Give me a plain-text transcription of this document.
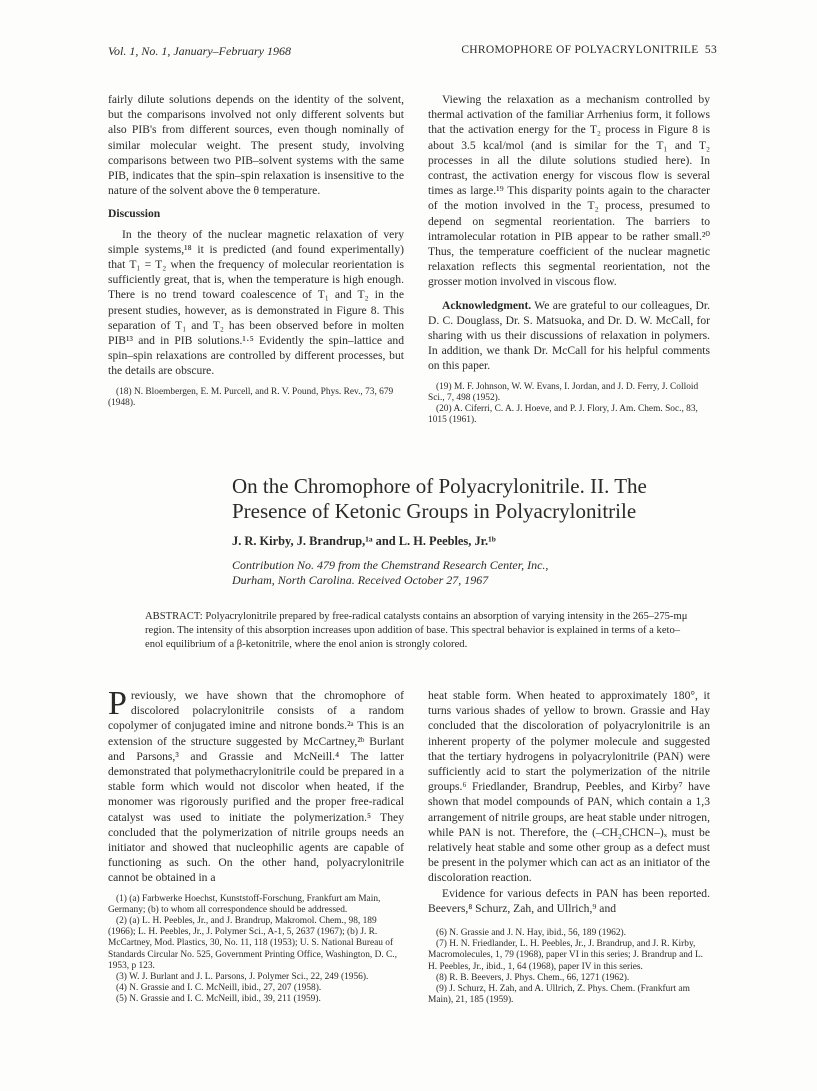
Vol. 1, No. 1, January–February 1968	CHROMOPHORE OF POLYACRYLONITRILE 53

fairly dilute solutions depends on the identity of the solvent, but the comparisons involved not only different solvents but also PIB's from different sources, even though nominally of similar molecular weight. The present study, involving comparisons between two PIB–solvent systems with the same PIB, indicates that the spin–spin relaxation is insensitive to the nature of the solvent above the θ temperature.

Discussion

In the theory of the nuclear magnetic relaxation of very simple systems,¹⁸ it is predicted (and found experimentally) that T₁ = T₂ when the frequency of molecular reorientation is sufficiently great, that is, when the temperature is high enough. There is no trend toward coalescence of T₁ and T₂ in the present studies, however, as is demonstrated in Figure 8. This separation of T₁ and T₂ has been observed before in molten PIB¹³ and in PIB solutions.¹·⁵ Evidently the spin–lattice and spin–spin relaxations are controlled by different processes, but the details are obscure.

(18) N. Bloembergen, E. M. Purcell, and R. V. Pound, Phys. Rev., 73, 679 (1948).

Viewing the relaxation as a mechanism controlled by thermal activation of the familiar Arrhenius form, it follows that the activation energy for the T₂ process in Figure 8 is about 3.5 kcal/mol (and is similar for the T₁ and T₂ processes in all the dilute solutions studied here). In contrast, the activation energy for viscous flow is several times as large.¹⁹ This disparity points again to the character of the motion involved in the T₂ process, presumed to depend on segmental reorientation. The barriers to intramolecular rotation in PIB appear to be rather small.²⁰ Thus, the temperature coefficient of the nuclear magnetic relaxation reflects this segmental reorientation, not the grosser motion involved in viscous flow.

Acknowledgment. We are grateful to our colleagues, Dr. D. C. Douglass, Dr. S. Matsuoka, and Dr. D. W. McCall, for sharing with us their discussions of relaxation in polymers. In addition, we thank Dr. McCall for his helpful comments on this paper.

(19) M. F. Johnson, W. W. Evans, I. Jordan, and J. D. Ferry, J. Colloid Sci., 7, 498 (1952).

(20) A. Ciferri, C. A. J. Hoeve, and P. J. Flory, J. Am. Chem. Soc., 83, 1015 (1961).

On the Chromophore of Polyacrylonitrile. II. The
Presence of Ketonic Groups in Polyacrylonitrile
J. R. Kirby, J. Brandrup,¹ᵃ and L. H. Peebles, Jr.¹ᵇ
Contribution No. 479 from the Chemstrand Research Center, Inc.,
Durham, North Carolina. Received October 27, 1967
ABSTRACT: Polyacrylonitrile prepared by free-radical catalysts contains an absorption of varying intensity in the 265–275-mμ region. The intensity of this absorption increases upon addition of base. This spectral behavior is explained in terms of a keto–enol equilibrium of a β-ketonitrile, where the enol anion is strongly colored.

Previously, we have shown that the chromophore of discolored polacrylonitrile consists of a random copolymer of conjugated imine and nitrone bonds.²ᵃ This is an extension of the structure suggested by McCartney,²ᵇ Burlant and Parsons,³ and Grassie and McNeill.⁴ The latter demonstrated that polymethacrylonitrile could be prepared in a stable form which would not discolor when heated, if the monomer was rigorously purified and the proper free-radical catalyst was used to initiate the polymerization.⁵ They concluded that the polymerization of nitrile groups needs an initiator and showed that nucleophilic agents are capable of functioning as such. On the other hand, polyacrylonitrile cannot be obtained in a

(1) (a) Farbwerke Hoechst, Kunststoff-Forschung, Frankfurt am Main, Germany; (b) to whom all correspondence should be addressed.

(2) (a) L. H. Peebles, Jr., and J. Brandrup, Makromol. Chem., 98, 189 (1966); L. H. Peebles, Jr., J. Polymer Sci., A-1, 5, 2637 (1967); (b) J. R. McCartney, Mod. Plastics, 30, No. 11, 118 (1953); U. S. National Bureau of Standards Circular No. 525, Government Printing Office, Washington, D. C., 1953, p 123.

(3) W. J. Burlant and J. L. Parsons, J. Polymer Sci., 22, 249 (1956).

(4) N. Grassie and I. C. McNeill, ibid., 27, 207 (1958).

(5) N. Grassie and I. C. McNeill, ibid., 39, 211 (1959).

heat stable form. When heated to approximately 180°, it turns various shades of yellow to brown. Grassie and Hay concluded that the discoloration of polyacrylonitrile is an inherent property of the polymer molecule and suggested that the tertiary hydrogens in polyacrylonitrile (PAN) were sufficiently acid to start the polymerization of the nitrile groups.⁶ Friedlander, Brandrup, Peebles, and Kirby⁷ have shown that model compounds of PAN, which contain a 1,3 arrangement of nitrile groups, are heat stable under nitrogen, while PAN is not. Therefore, the (–CH₂CHCN–)ₓ must be relatively heat stable and some other group as a defect must be present in the polymer which can act as an initiator of the discoloration reaction.

Evidence for various defects in PAN has been reported. Beevers,⁸ Schurz, Zah, and Ullrich,⁹ and

(6) N. Grassie and J. N. Hay, ibid., 56, 189 (1962).

(7) H. N. Friedlander, L. H. Peebles, Jr., J. Brandrup, and J. R. Kirby, Macromolecules, 1, 79 (1968), paper VI in this series; J. Brandrup and L. H. Peebles, Jr., ibid., 1, 64 (1968), paper IV in this series.

(8) R. B. Beevers, J. Phys. Chem., 66, 1271 (1962).

(9) J. Schurz, H. Zah, and A. Ullrich, Z. Phys. Chem. (Frankfurt am Main), 21, 185 (1959).
